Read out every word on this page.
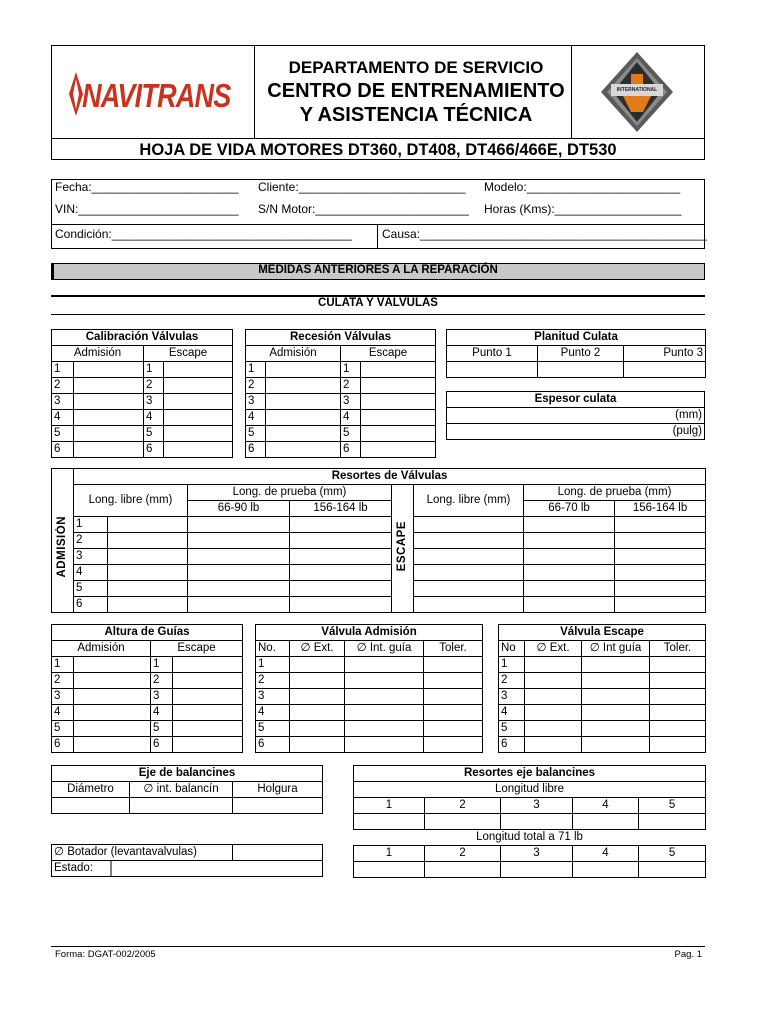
NAVITRANS
DEPARTAMENTO DE SERVICIO
CENTRO DE ENTRENAMIENTO
Y ASISTENCIA TÉCNICA
INTERNATIONAL
HOJA DE VIDA MOTORES DT360, DT408, DT466/466E, DT530
Fecha:______________________ Cliente:_________________________ Modelo:_______________________
VIN:________________________ S/N Motor:_______________________ Horas (Kms):___________________
Condición:____________________________________	Causa:___________________________________________
MEDIDAS ANTERIORES A LA REPARACIÓN
CULATA Y VÁLVULAS
Calibración Válvulas			
Admisión		Escape	
1		1	
2		2	
3		3	
4		4	
5		5	
6		6	
Recesión Válvulas			
Admisión		Escape	
1		1	
2		2	
3		3	
4		4	
5		5	
6		6	
Planitud Culata		
Punto 1	Punto 2	Punto 3

Espesor culata
(mm)
(pulg)
	Resortes de Válvulas							
ADMISIÓN	Long. libre (mm)		Long. de prueba (mm)		ESCAPE	Long. libre (mm)	Long. de prueba (mm)	
			66-90 lb	156-164 lb			66-70 lb	156-164 lb
	1							
	2							
	3							
	4							
	5							
	6							
Altura de Guías			
Admisión		Escape	
1		1	
2		2	
3		3	
4		4	
5		5	
6		6	
Válvula Admisión			
No.	∅ Ext.	∅ Int. guía	Toler.
1			
2			
3			
4			
5			
6			
Válvula Escape			
No	∅ Ext.	∅ Int guía	Toler.
1			
2			
3			
4			
5			
6			
Eje de balancines		
Diámetro	∅ int. balancín	Holgura

∅ Botador (levantavalvulas)	
Estado:
Resortes eje balancines				
Longitud libre				
1	2	3	4	5

Longitud total a 71 lb				
1	2	3	4	5

Forma: DGAT-002/2005	Pag. 1
